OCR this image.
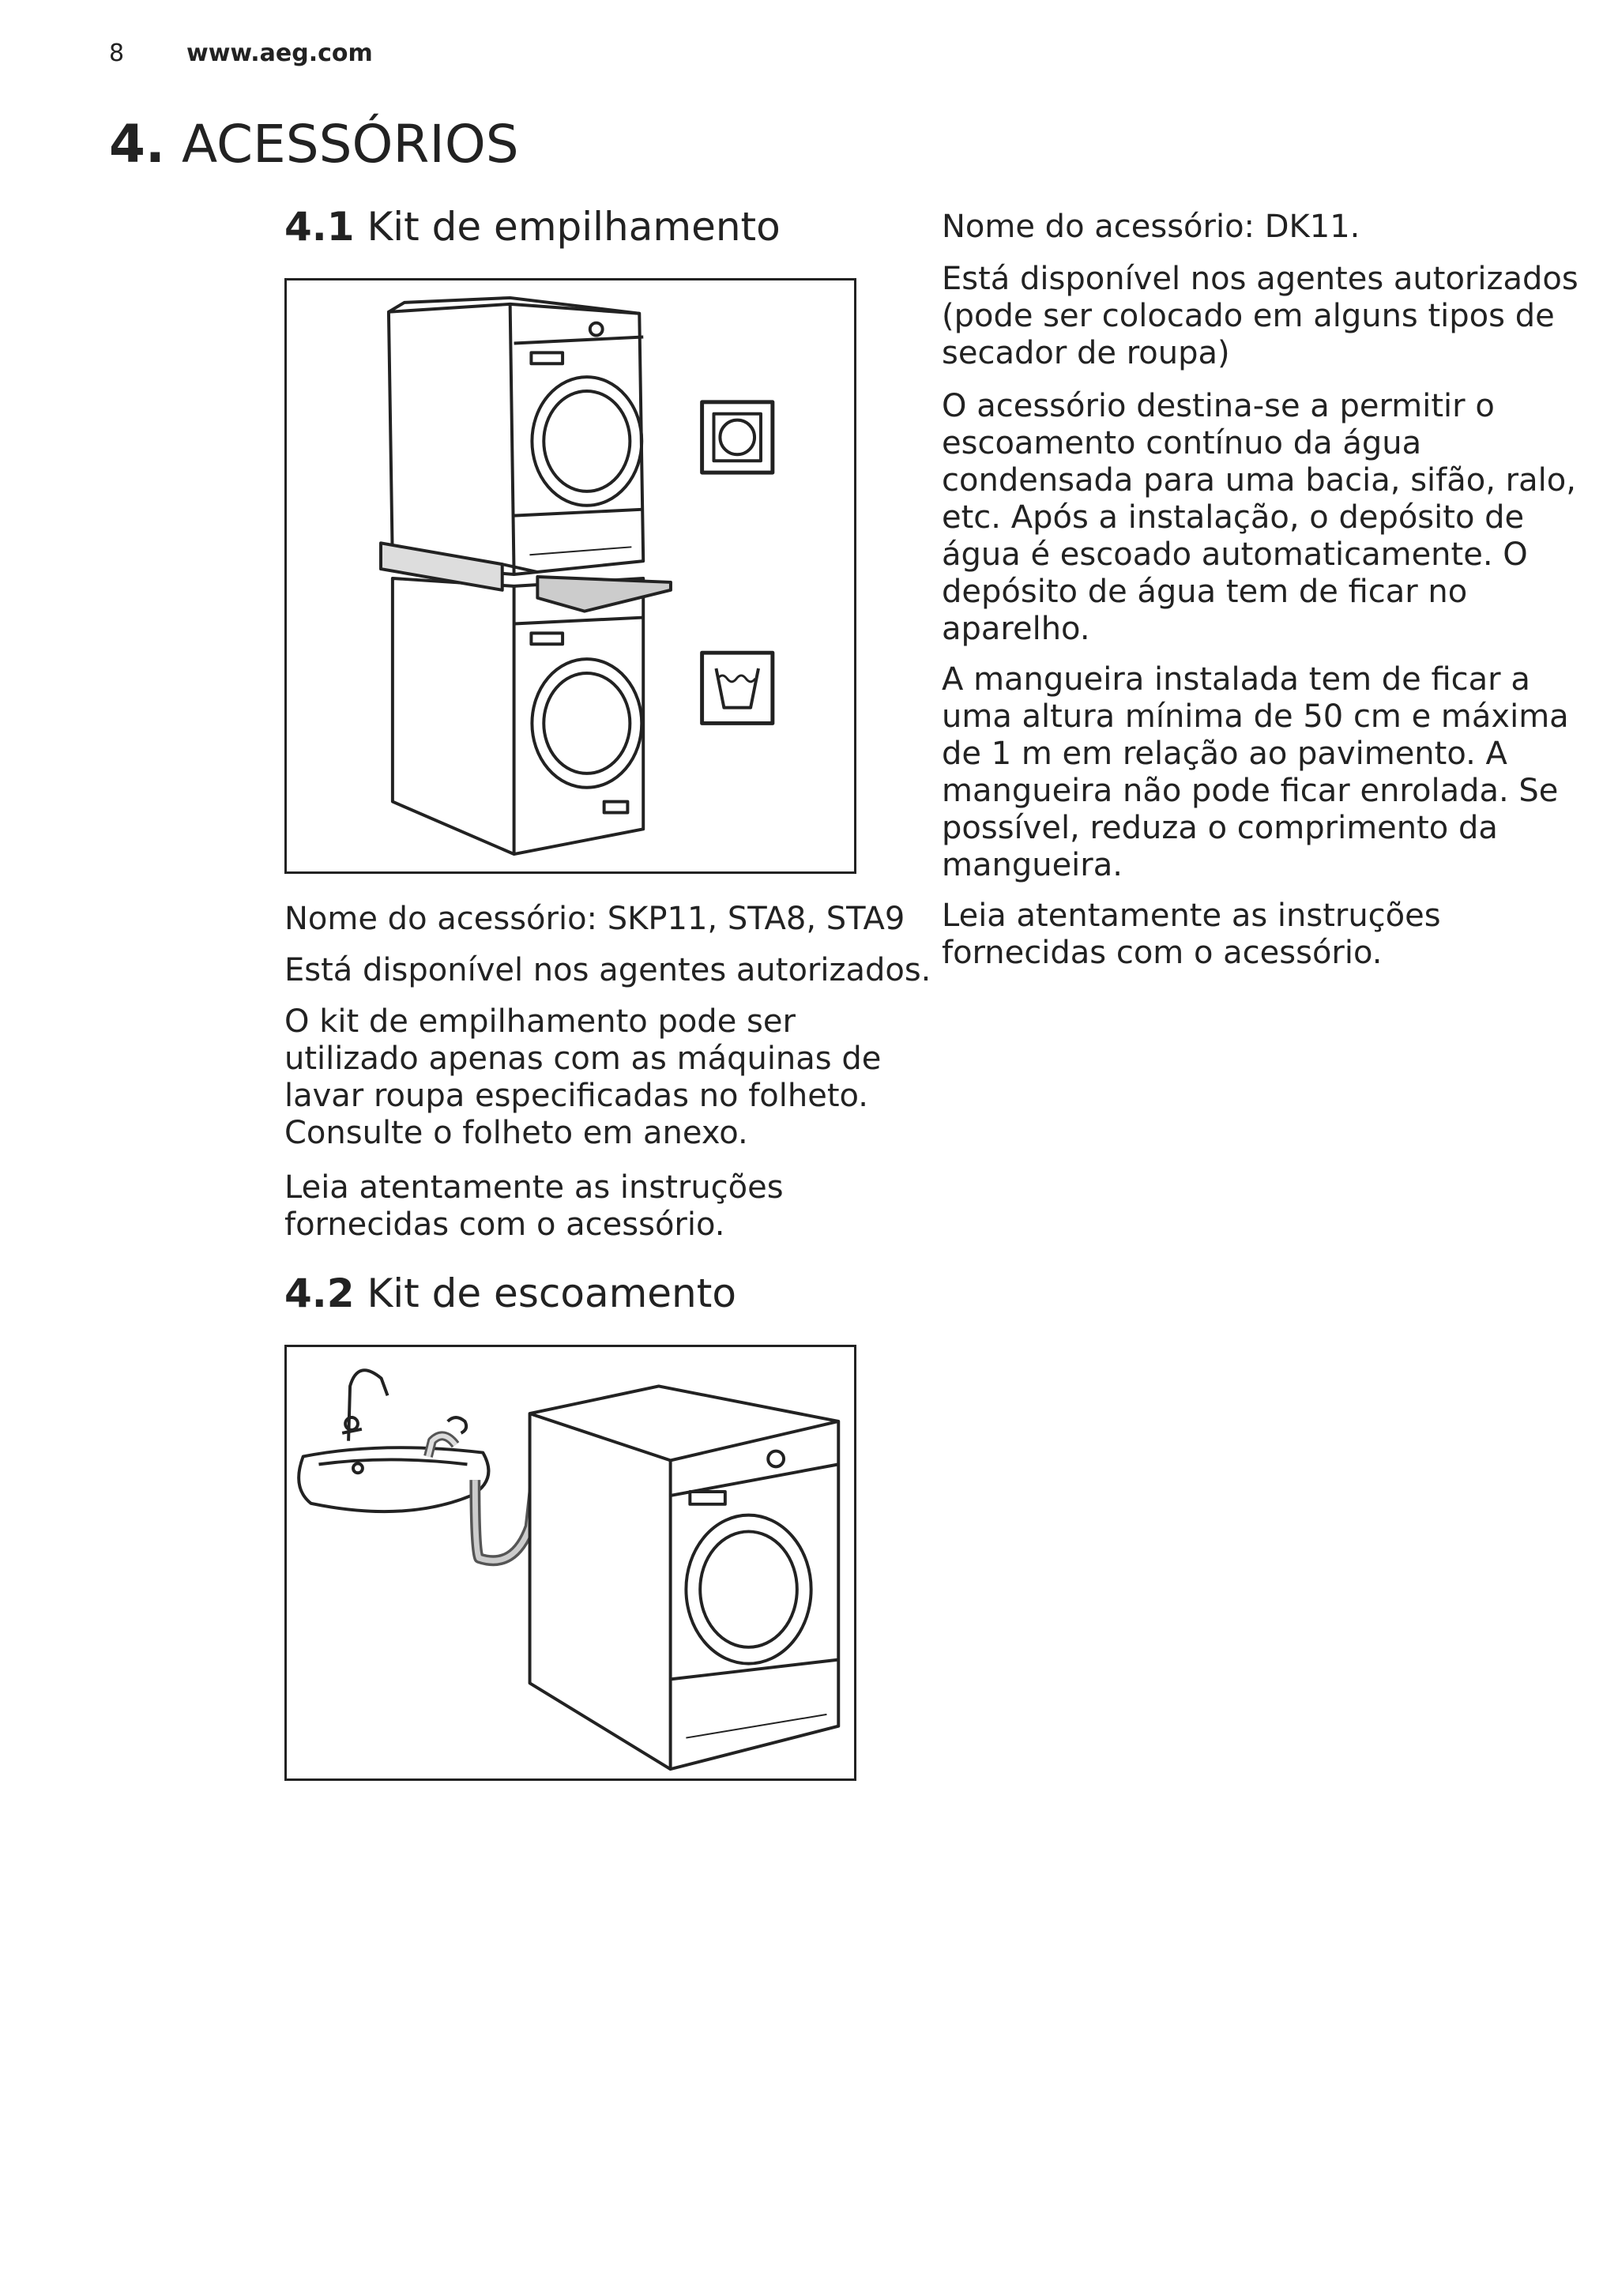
8	www.aeg.com
4. ACESSÓRIOS
4.1 Kit de empilhamento
Nome do acessório: SKP11, STA8, STA9
Está disponível nos agentes autorizados.
O kit de empilhamento pode ser
utilizado apenas com as máquinas de
lavar roupa especificadas no folheto.
Consulte o folheto em anexo.
Leia atentamente as instruções
fornecidas com o acessório.
4.2 Kit de escoamento
Nome do acessório: DK11.
Está disponível nos agentes autorizados
(pode ser colocado em alguns tipos de
secador de roupa)
O acessório destina-se a permitir o
escoamento contínuo da água
condensada para uma bacia, sifão, ralo,
etc. Após a instalação, o depósito de
água é escoado automaticamente. O
depósito de água tem de ficar no
aparelho.
A mangueira instalada tem de ficar a
uma altura mínima de 50 cm e máxima
de 1 m em relação ao pavimento. A
mangueira não pode ficar enrolada. Se
possível, reduza o comprimento da
mangueira.
Leia atentamente as instruções
fornecidas com o acessório.
